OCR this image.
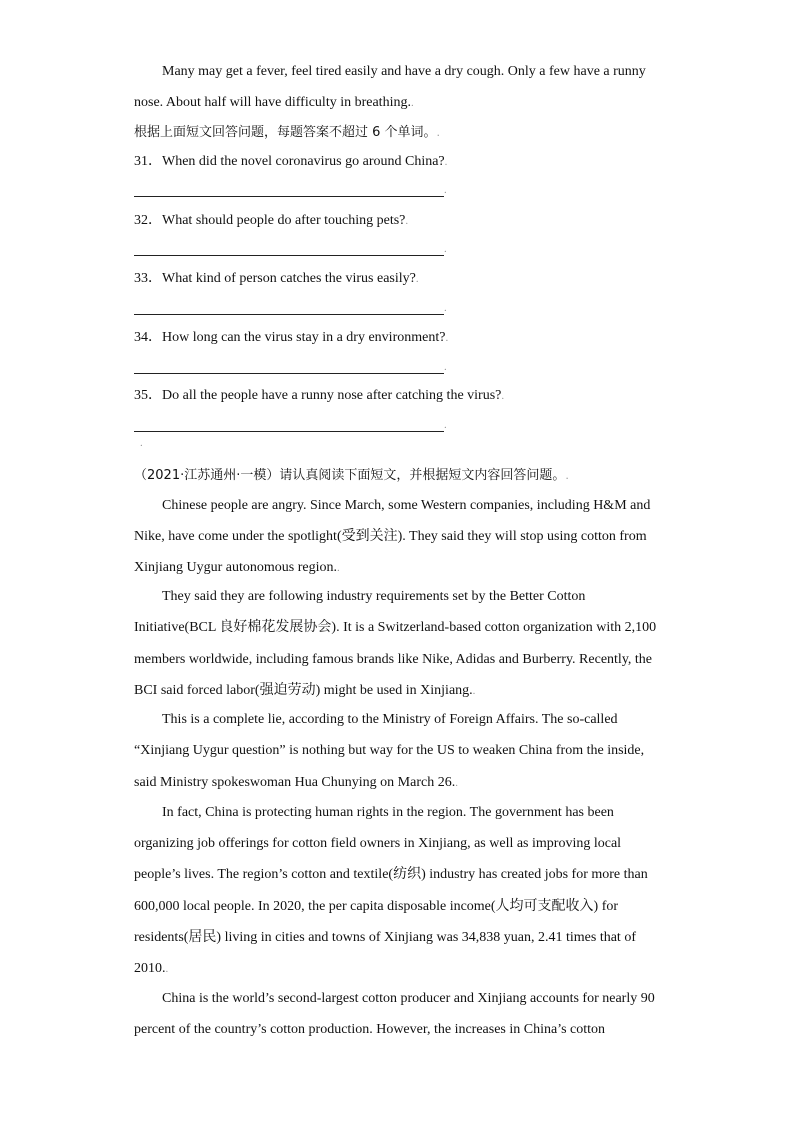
Many may get a fever, feel tired easily and have a dry cough. Only a few have a runny
nose. About half will have difficulty in breathing..
根据上面短文回答问题，每题答案不超过 6 个单词。.
31．When did the novel coronavirus go around China?.
.
32．What should people do after touching pets?.
.
33．What kind of person catches the virus easily?.
.
34．How long can the virus stay in a dry environment?.
.
35．Do all the people have a runny nose after catching the virus?.
.
.
（2021·江苏通州·一模）请认真阅读下面短文，并根据短文内容回答问题。.
Chinese people are angry. Since March, some Western companies, including H&M and
Nike, have come under the spotlight(受到关注). They said they will stop using cotton from
Xinjiang Uygur autonomous region..
They said they are following industry requirements set by the Better Cotton
Initiative(BCL 良好棉花发展协会). It is a Switzerland-based cotton organization with 2,100
members worldwide, including famous brands like Nike, Adidas and Burberry. Recently, the
BCI said forced labor(强迫劳动) might be used in Xinjiang..
This is a complete lie, according to the Ministry of Foreign Affairs. The so-called
“Xinjiang Uygur question” is nothing but way for the US to weaken China from the inside,
said Ministry spokeswoman Hua Chunying on March 26..
In fact, China is protecting human rights in the region. The government has been
organizing job offerings for cotton field owners in Xinjiang, as well as improving local
people’s lives. The region’s cotton and textile(纺织) industry has created jobs for more than
600,000 local people. In 2020, the per capita disposable income(人均可支配收入) for
residents(居民) living in cities and towns of Xinjiang was 34,838 yuan, 2.41 times that of
2010..
China is the world’s second-largest cotton producer and Xinjiang accounts for nearly 90
percent of the country’s cotton production. However, the increases in China’s cotton
